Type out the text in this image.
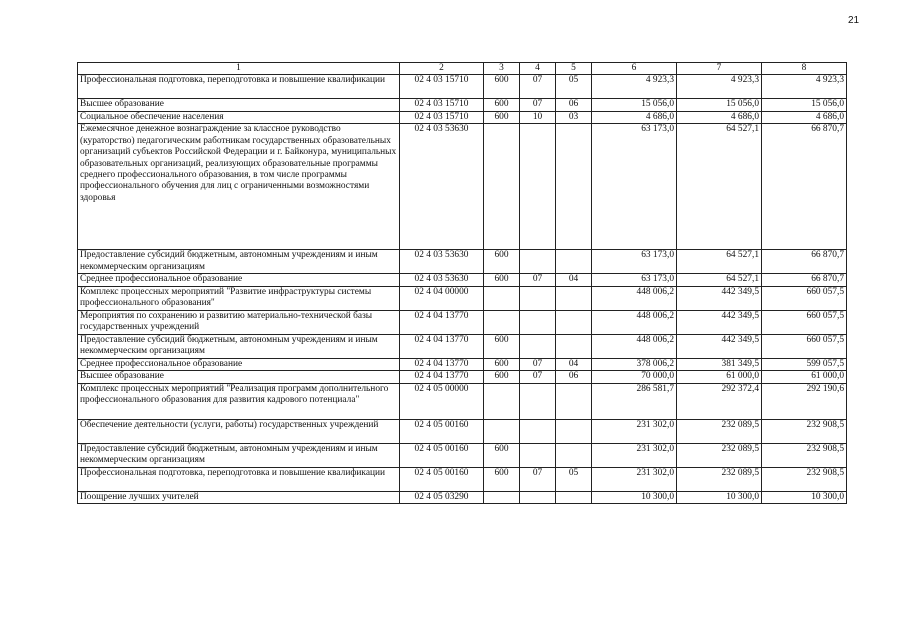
21
1	2	3	4	5	6	7	8
Профессиональная подготовка, переподготовка и повышение квалификации	02 4 03 15710	600	07	05	4 923,3	4 923,3	4 923,3
Высшее образование	02 4 03 15710	600	07	06	15 056,0	15 056,0	15 056,0
Социальное обеспечение населения	02 4 03 15710	600	10	03	4 686,0	4 686,0	4 686,0
Ежемесячное денежное вознаграждение за классное руководство (кураторство) педагогическим работникам государственных образовательных организаций субъектов Российской Федерации и г. Байконура, муниципальных образовательных организаций, реализующих образовательные программы среднего профессионального образования, в том числе программы профессионального обучения для лиц с ограниченными возможностями здоровья	02 4 03 53630				63 173,0	64 527,1	66 870,7
Предоставление субсидий бюджетным, автономным учреждениям и иным некоммерческим организациям	02 4 03 53630	600			63 173,0	64 527,1	66 870,7
Среднее профессиональное образование	02 4 03 53630	600	07	04	63 173,0	64 527,1	66 870,7
Комплекс процессных мероприятий "Развитие инфраструктуры системы профессионального образования"	02 4 04 00000				448 006,2	442 349,5	660 057,5
Мероприятия по сохранению и развитию материально-технической базы государственных учреждений	02 4 04 13770				448 006,2	442 349,5	660 057,5
Предоставление субсидий бюджетным, автономным учреждениям и иным некоммерческим организациям	02 4 04 13770	600			448 006,2	442 349,5	660 057,5
Среднее профессиональное образование	02 4 04 13770	600	07	04	378 006,2	381 349,5	599 057,5
Высшее образование	02 4 04 13770	600	07	06	70 000,0	61 000,0	61 000,0
Комплекс процессных мероприятий "Реализация программ дополнительного профессионального образования для развития кадрового потенциала"	02 4 05 00000				286 581,7	292 372,4	292 190,6
Обеспечение деятельности (услуги, работы) государственных учреждений	02 4 05 00160				231 302,0	232 089,5	232 908,5
Предоставление субсидий бюджетным, автономным учреждениям и иным некоммерческим организациям	02 4 05 00160	600			231 302,0	232 089,5	232 908,5
Профессиональная подготовка, переподготовка и повышение квалификации	02 4 05 00160	600	07	05	231 302,0	232 089,5	232 908,5
Поощрение лучших учителей	02 4 05 03290				10 300,0	10 300,0	10 300,0
